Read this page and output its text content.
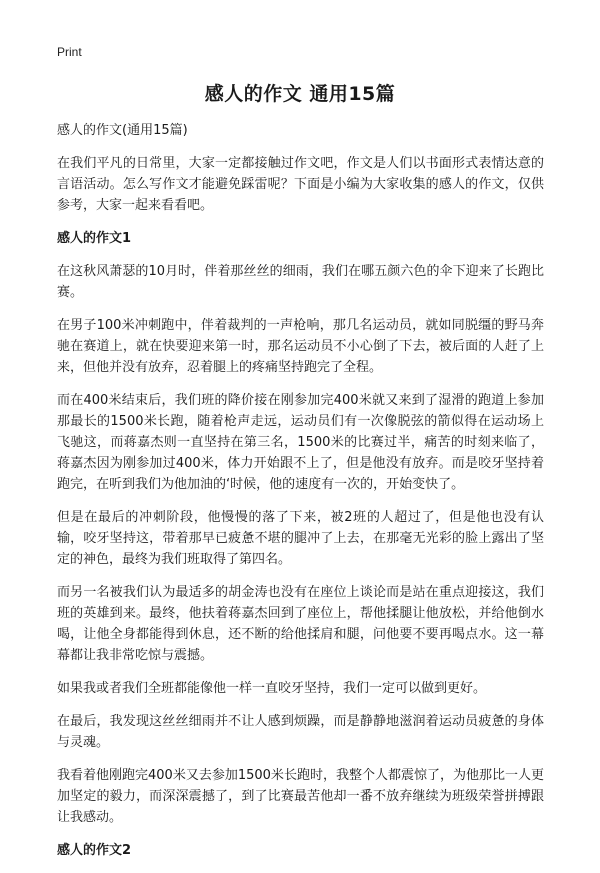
Print
感人的作文 通用15篇

感人的作文(通用15篇)

在我们平凡的日常里，大家一定都接触过作文吧，作文是人们以书面形式表情达意的言语活动。怎么写作文才能避免踩雷呢？下面是小编为大家收集的感人的作文，仅供参考，大家一起来看看吧。

感人的作文1

在这秋风萧瑟的10月时，伴着那丝丝的细雨，我们在哪五颜六色的伞下迎来了长跑比赛。

在男子100米冲刺跑中，伴着裁判的一声枪响，那几名运动员，就如同脱缰的野马奔驰在赛道上，就在快要迎来第一时，那名运动员不小心倒了下去，被后面的人赶了上来，但他并没有放弃，忍着腿上的疼痛坚持跑完了全程。

而在400米结束后，我们班的降价接在刚参加完400米就又来到了湿滑的跑道上参加那最长的1500米长跑，随着枪声走远，运动员们有一次像脱弦的箭似得在运动场上飞驰这，而蒋嘉杰则一直坚持在第三名，1500米的比赛过半，痛苦的时刻来临了，蒋嘉杰因为刚参加过400米，体力开始跟不上了，但是他没有放弃。而是咬牙坚持着跑完，在听到我们为他加油的‘时候，他的速度有一次的，开始变快了。

但是在最后的冲刺阶段，他慢慢的落了下来，被2班的人超过了，但是他也没有认输，咬牙坚持这，带着那早已疲惫不堪的腿冲了上去，在那毫无光彩的脸上露出了坚定的神色，最终为我们班取得了第四名。

而另一名被我们认为最适多的胡金涛也没有在座位上谈论而是站在重点迎接这，我们班的英雄到来。最终，他扶着蒋嘉杰回到了座位上，帮他揉腿让他放松，并给他倒水喝，让他全身都能得到休息，还不断的给他揉肩和腿，问他要不要再喝点水。这一幕幕都让我非常吃惊与震撼。

如果我或者我们全班都能像他一样一直咬牙坚持，我们一定可以做到更好。

在最后，我发现这丝丝细雨并不让人感到烦躁，而是静静地滋润着运动员疲惫的身体与灵魂。

我看着他刚跑完400米又去参加1500米长跑时，我整个人都震惊了，为他那比一人更加坚定的毅力，而深深震撼了，到了比赛最苦他却一番不放弃继续为班级荣誉拼搏跟让我感动。

感人的作文2
